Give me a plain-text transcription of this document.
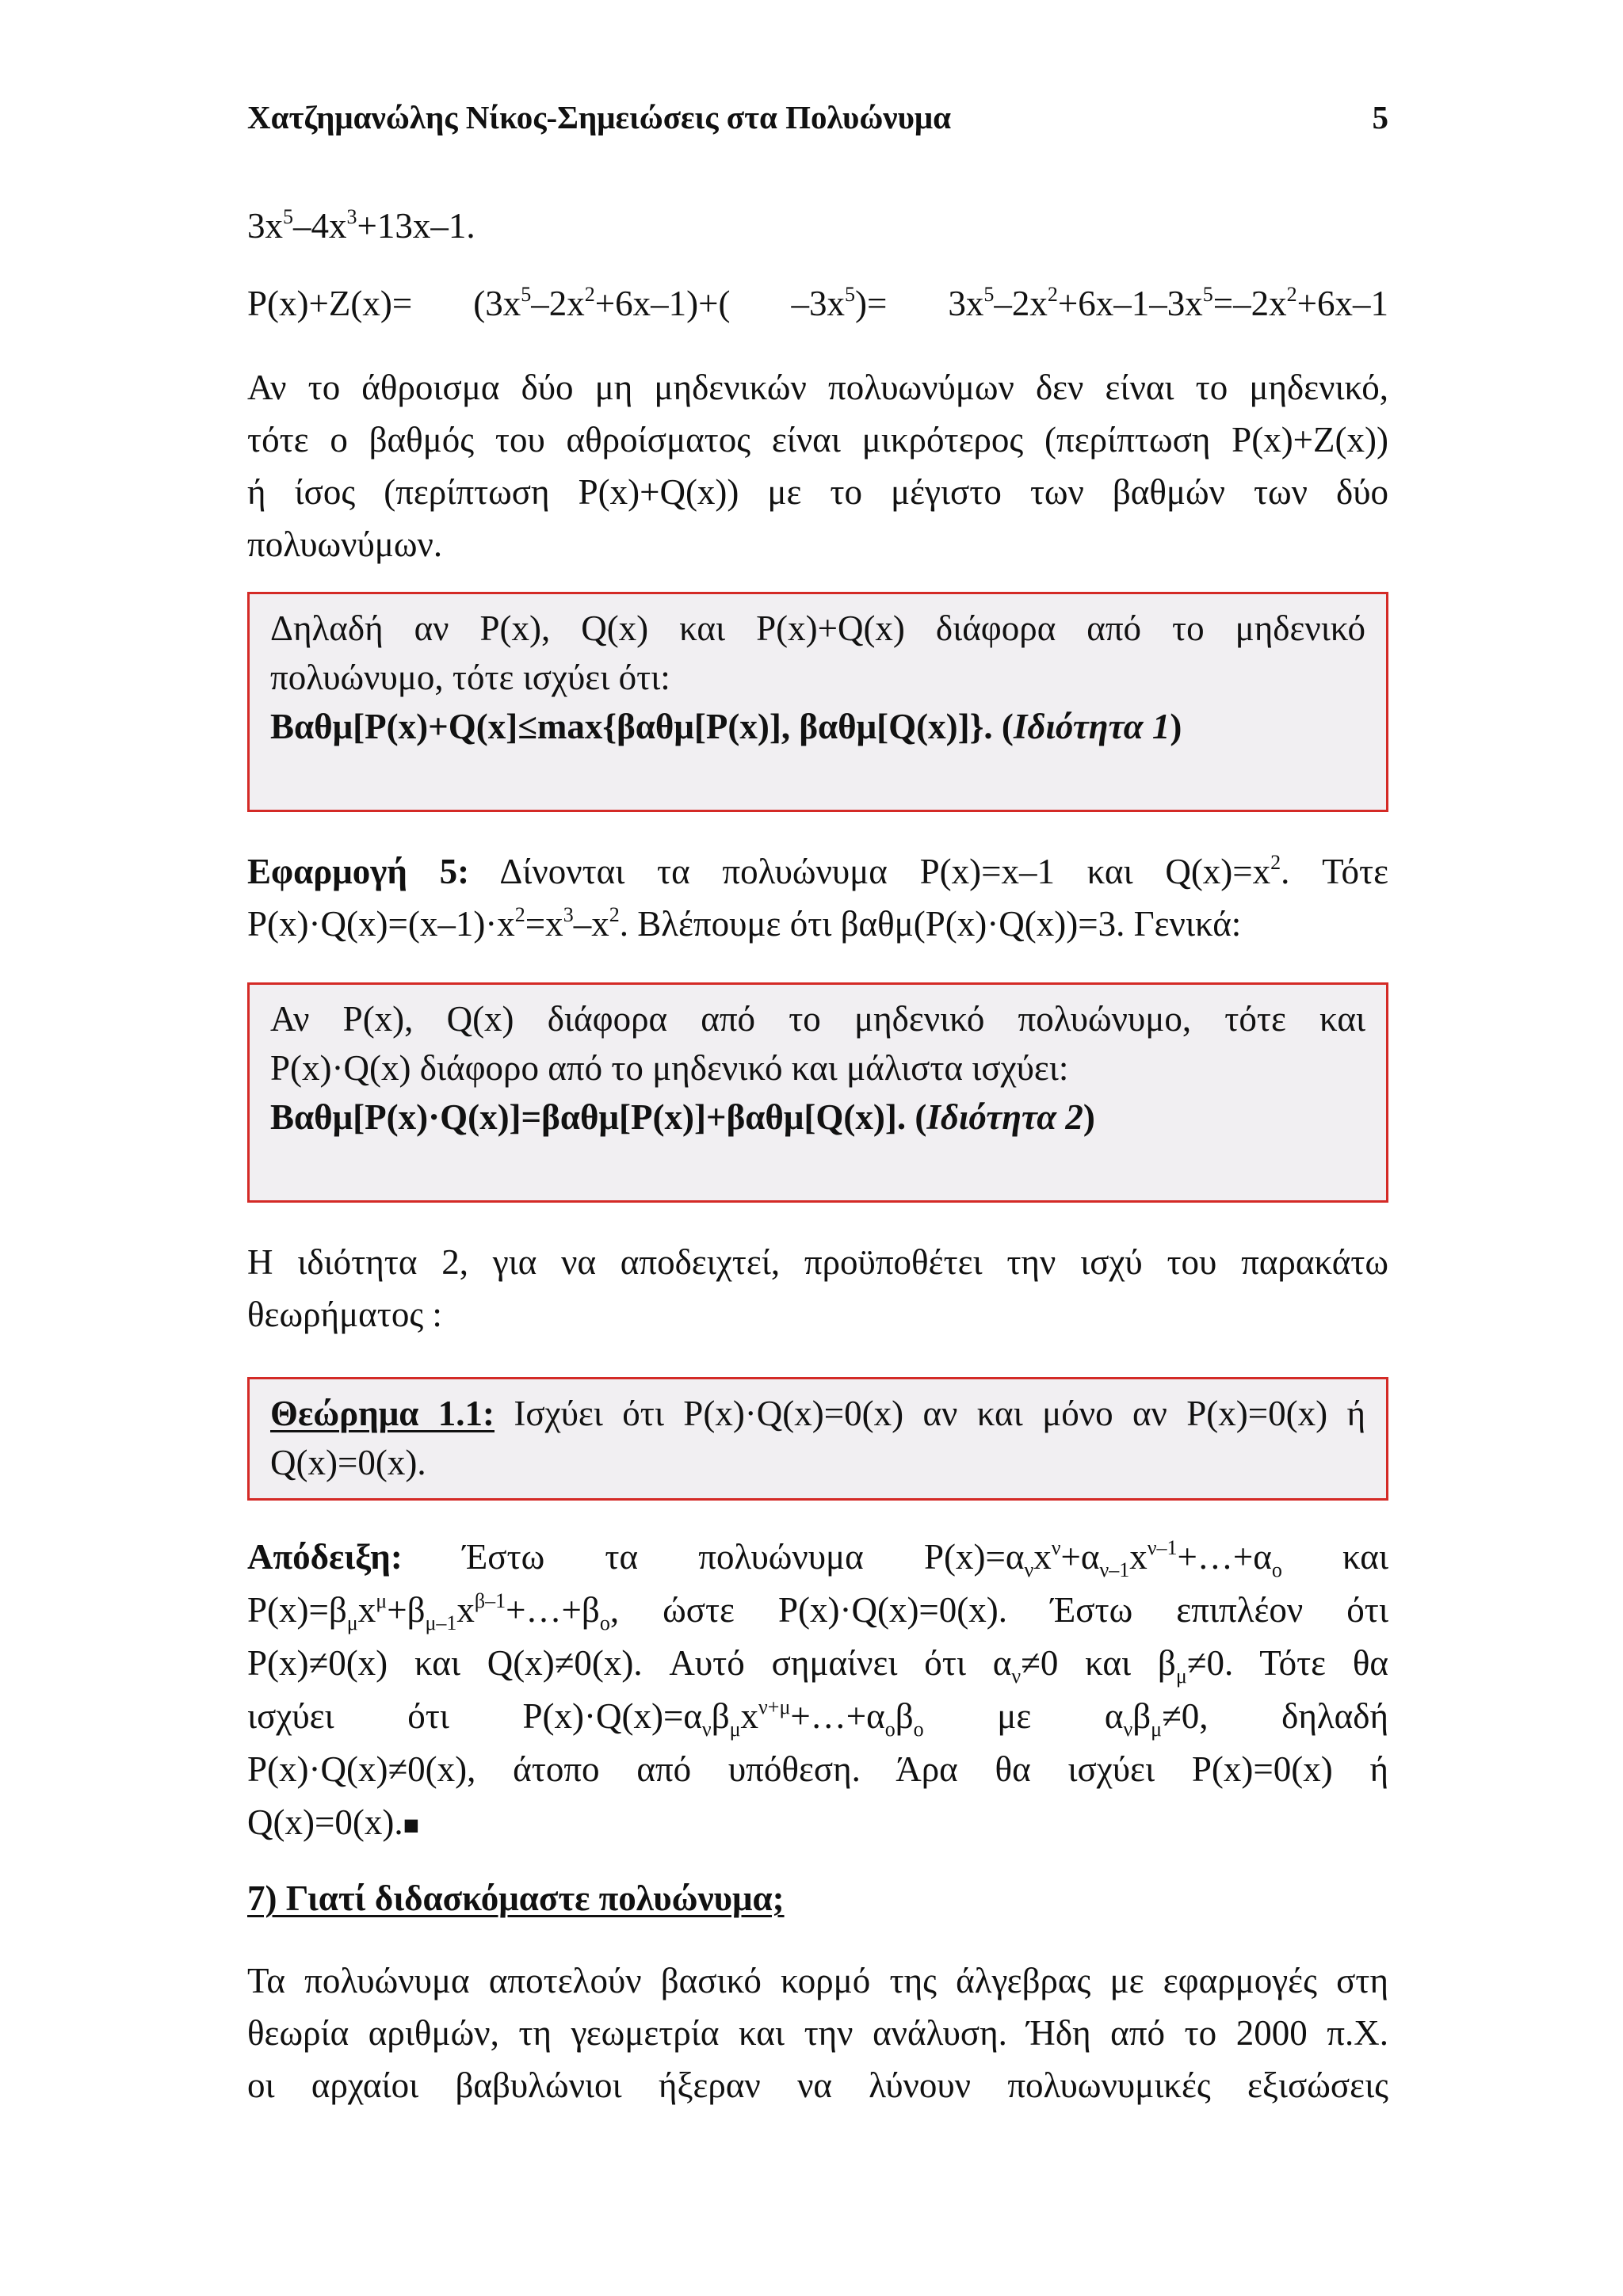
Χατζημανώλης Νίκος-Σημειώσεις στα Πολυώνυμα	5
$3x^5-4x^3+13x-1$.
$P(x)+Z(x)= (3x^5-2x^2+6x-1)+$( $-3x^5)= 3x^5-2x^2+6x-1-3x^5=-2x^2+6x-1$
Αν το άθροισμα δύο μη μηδενικών πολυωνύμων δεν είναι το μηδενικό,
τότε ο βαθμός του αθροίσματος είναι μικρότερος (περίπτωση P(x)+Z(x))
ή ίσος (περίπτωση P(x)+Q(x)) με το μέγιστο των βαθμών των δύο
πολυωνύμων.
Δηλαδή αν P(x), Q(x) και P(x)+Q(x) διάφορα από το μηδενικό
πολυώνυμο, τότε ισχύει ότι:
Βαθμ[P(x)+Q(x]≤max{βαθμ[P(x)], βαθμ[Q(x)]}. (Ιδιότητα 1)
Εφαρμογή 5: Δίνονται τα πολυώνυμα P(x)=x–1 και $Q(x)=x^2$. Τότε
$P(x)\cdot Q(x)=(x-1)\cdot x^2=x^3-x^2$. Βλέπουμε ότι βαθμ(P(x)·Q(x))=3. Γενικά:
Αν P(x), Q(x) διάφορα από το μηδενικό πολυώνυμο, τότε και
P(x)·Q(x) διάφορο από το μηδενικό και μάλιστα ισχύει:
Βαθμ[P(x)·Q(x)]=βαθμ[P(x)]+βαθμ[Q(x)]. (Ιδιότητα 2)
Η ιδιότητα 2, για να αποδειχτεί, προϋποθέτει την ισχύ του παρακάτω
θεωρήματος :
Θεώρημα 1.1: Ισχύει ότι P(x)·Q(x)=0(x) αν και μόνο αν P(x)=0(x) ή
Q(x)=0(x).
Απόδειξη: Έστω τα πολυώνυμα $P(x)=\alpha_\nu x^\nu+\alpha_{\nu-1}x^{\nu-1}+\dots+\alpha_o$ και
$P(x)=\beta_\mu x^\mu+\beta_{\mu-1}x^{\beta-1}+\dots+\beta_o$, ώστε P(x)·Q(x)=0(x). Έστω επιπλέον ότι
P(x)≠0(x) και Q(x)≠0(x). Αυτό σημαίνει ότι $\alpha_\nu\ne 0$ και $\beta_\mu\ne 0$. Τότε θα
ισχύει ότι $P(x)\cdot Q(x)=\alpha_\nu\beta_\mu x^{\nu+\mu}+\dots+\alpha_o\beta_o$ με $\alpha_\nu\beta_\mu\ne 0$, δηλαδή
P(x)·Q(x)≠0(x), άτοπο από υπόθεση. Άρα θα ισχύει P(x)=0(x) ή
Q(x)=0(x).■
7) Γιατί διδασκόμαστε πολυώνυμα;
Τα πολυώνυμα αποτελούν βασικό κορμό της άλγεβρας με εφαρμογές στη
θεωρία αριθμών, τη γεωμετρία και την ανάλυση. Ήδη από το 2000 π.Χ.
οι αρχαίοι βαβυλώνιοι ήξεραν να λύνουν πολυωνυμικές εξισώσεις
